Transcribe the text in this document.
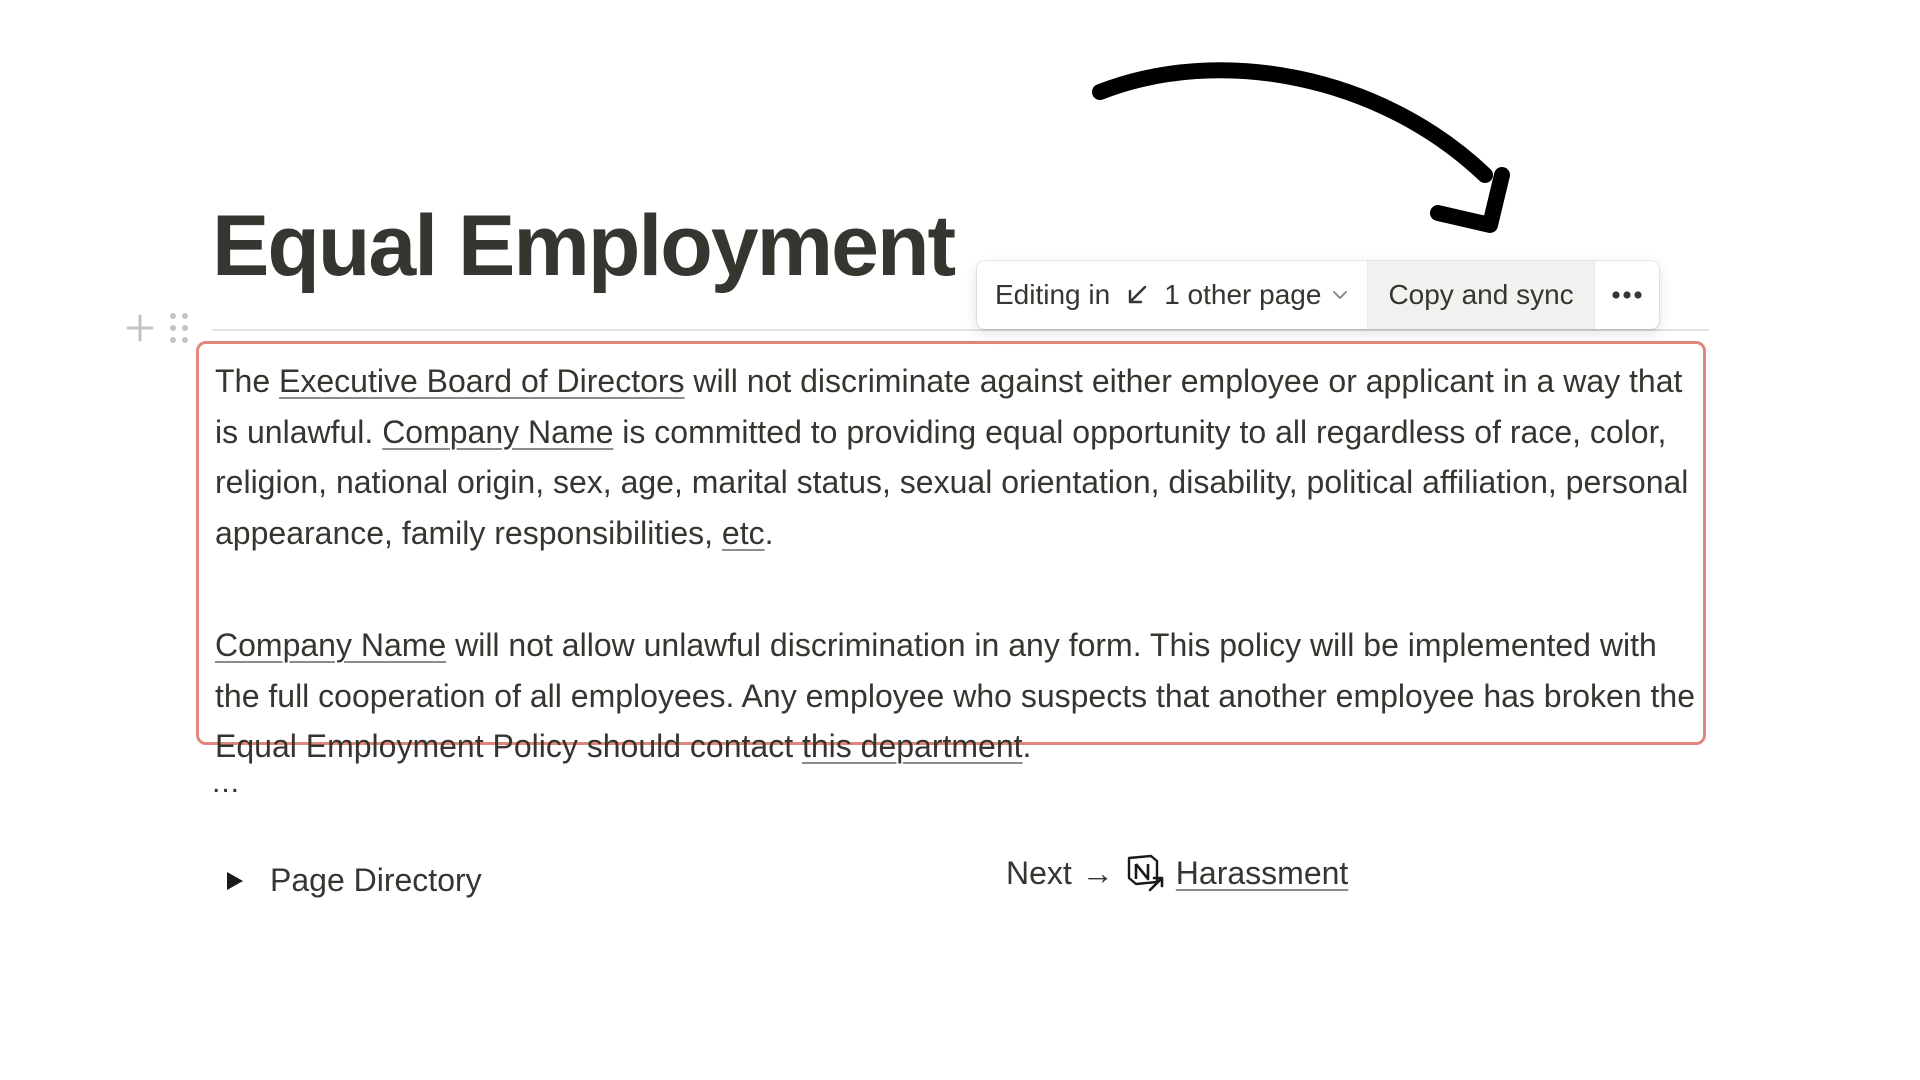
Equal Employment
Editing in 1 other page Copy and sync

The Executive Board of Directors will not discriminate against either employee or applicant in a way that is unlawful. Company Name is committed to providing equal opportunity to all regardless of race, color, religion, national origin, sex, age, marital status, sexual orientation, disability, political affiliation, personal appearance, family responsibilities, etc.

Company Name will not allow unlawful discrimination in any form. This policy will be implemented with the full cooperation of all employees. Any employee who suspects that another employee has broken the Equal Employment Policy should contact this department.

...
Page Directory	Next → Harassment
